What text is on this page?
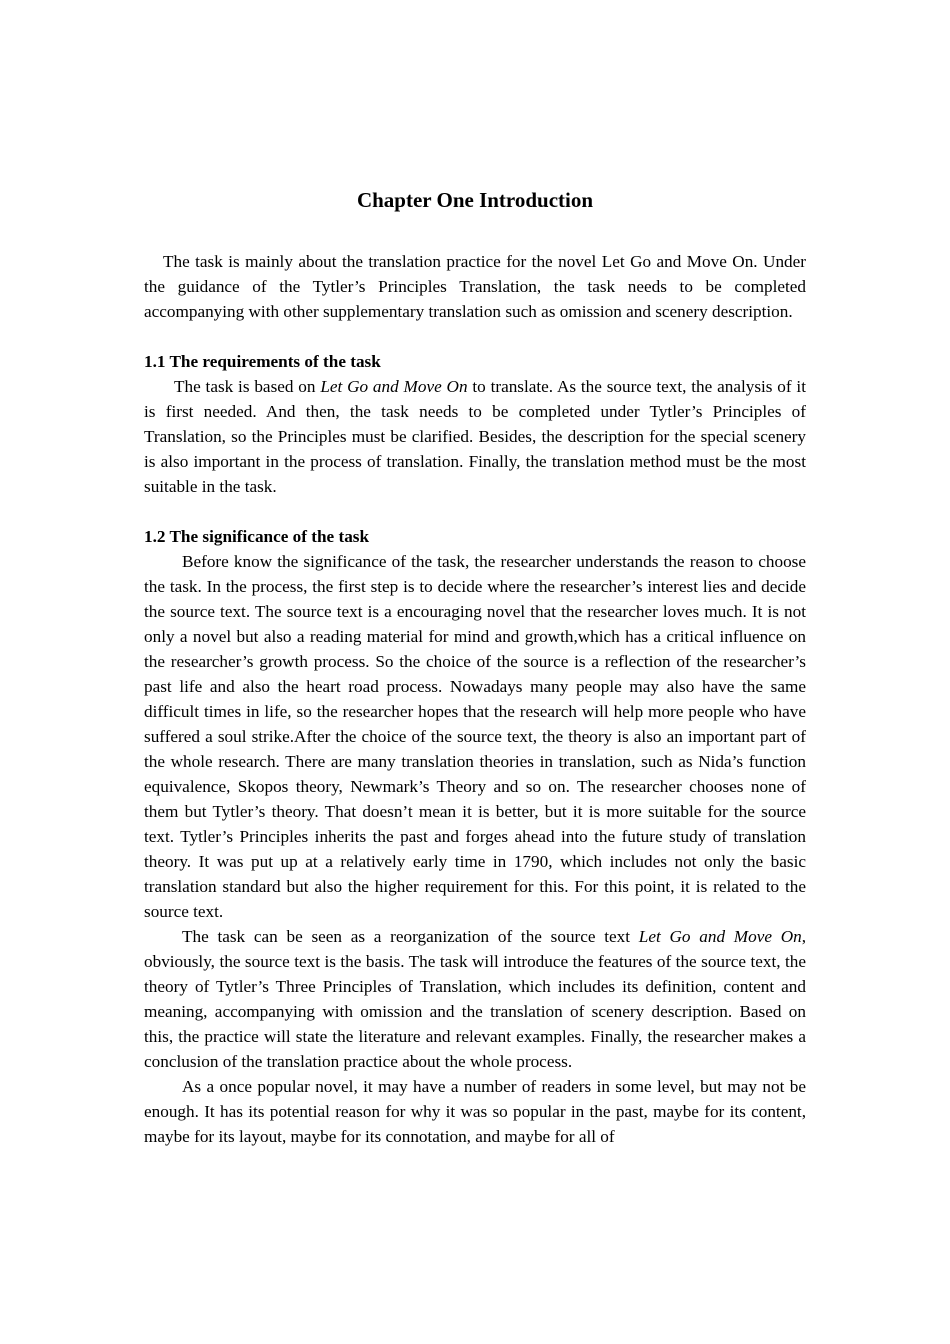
Chapter One Introduction

The task is mainly about the translation practice for the novel Let Go and Move On. Under the guidance of the Tytler’s Principles Translation, the task needs to be completed accompanying with other supplementary translation such as omission and scenery description.

1.1 The requirements of the task

The task is based on Let Go and Move On to translate. As the source text, the analysis of it is first needed. And then, the task needs to be completed under Tytler’s Principles of Translation, so the Principles must be clarified. Besides, the description for the special scenery is also important in the process of translation. Finally, the translation method must be the most suitable in the task.

1.2 The significance of the task

Before know the significance of the task, the researcher understands the reason to choose the task. In the process, the first step is to decide where the researcher’s interest lies and decide the source text. The source text is a encouraging novel that the researcher loves much. It is not only a novel but also a reading material for mind and growth,which has a critical influence on the researcher’s growth process. So the choice of the source is a reflection of the researcher’s past life and also the heart road process. Nowadays many people may also have the same difficult times in life, so the researcher hopes that the research will help more people who have suffered a soul strike.After the choice of the source text, the theory is also an important part of the whole research. There are many translation theories in translation, such as Nida’s function equivalence, Skopos theory, Newmark’s Theory and so on. The researcher chooses none of them but Tytler’s theory. That doesn’t mean it is better, but it is more suitable for the source text. Tytler’s Principles inherits the past and forges ahead into the future study of translation theory. It was put up at a relatively early time in 1790, which includes not only the basic translation standard but also the higher requirement for this. For this point, it is related to the source text.

The task can be seen as a reorganization of the source text Let Go and Move On, obviously, the source text is the basis. The task will introduce the features of the source text, the theory of Tytler’s Three Principles of Translation, which includes its definition, content and meaning, accompanying with omission and the translation of scenery description. Based on this, the practice will state the literature and relevant examples. Finally, the researcher makes a conclusion of the translation practice about the whole process.

As a once popular novel, it may have a number of readers in some level, but may not be enough. It has its potential reason for why it was so popular in the past, maybe for its content, maybe for its layout, maybe for its connotation, and maybe for all of
